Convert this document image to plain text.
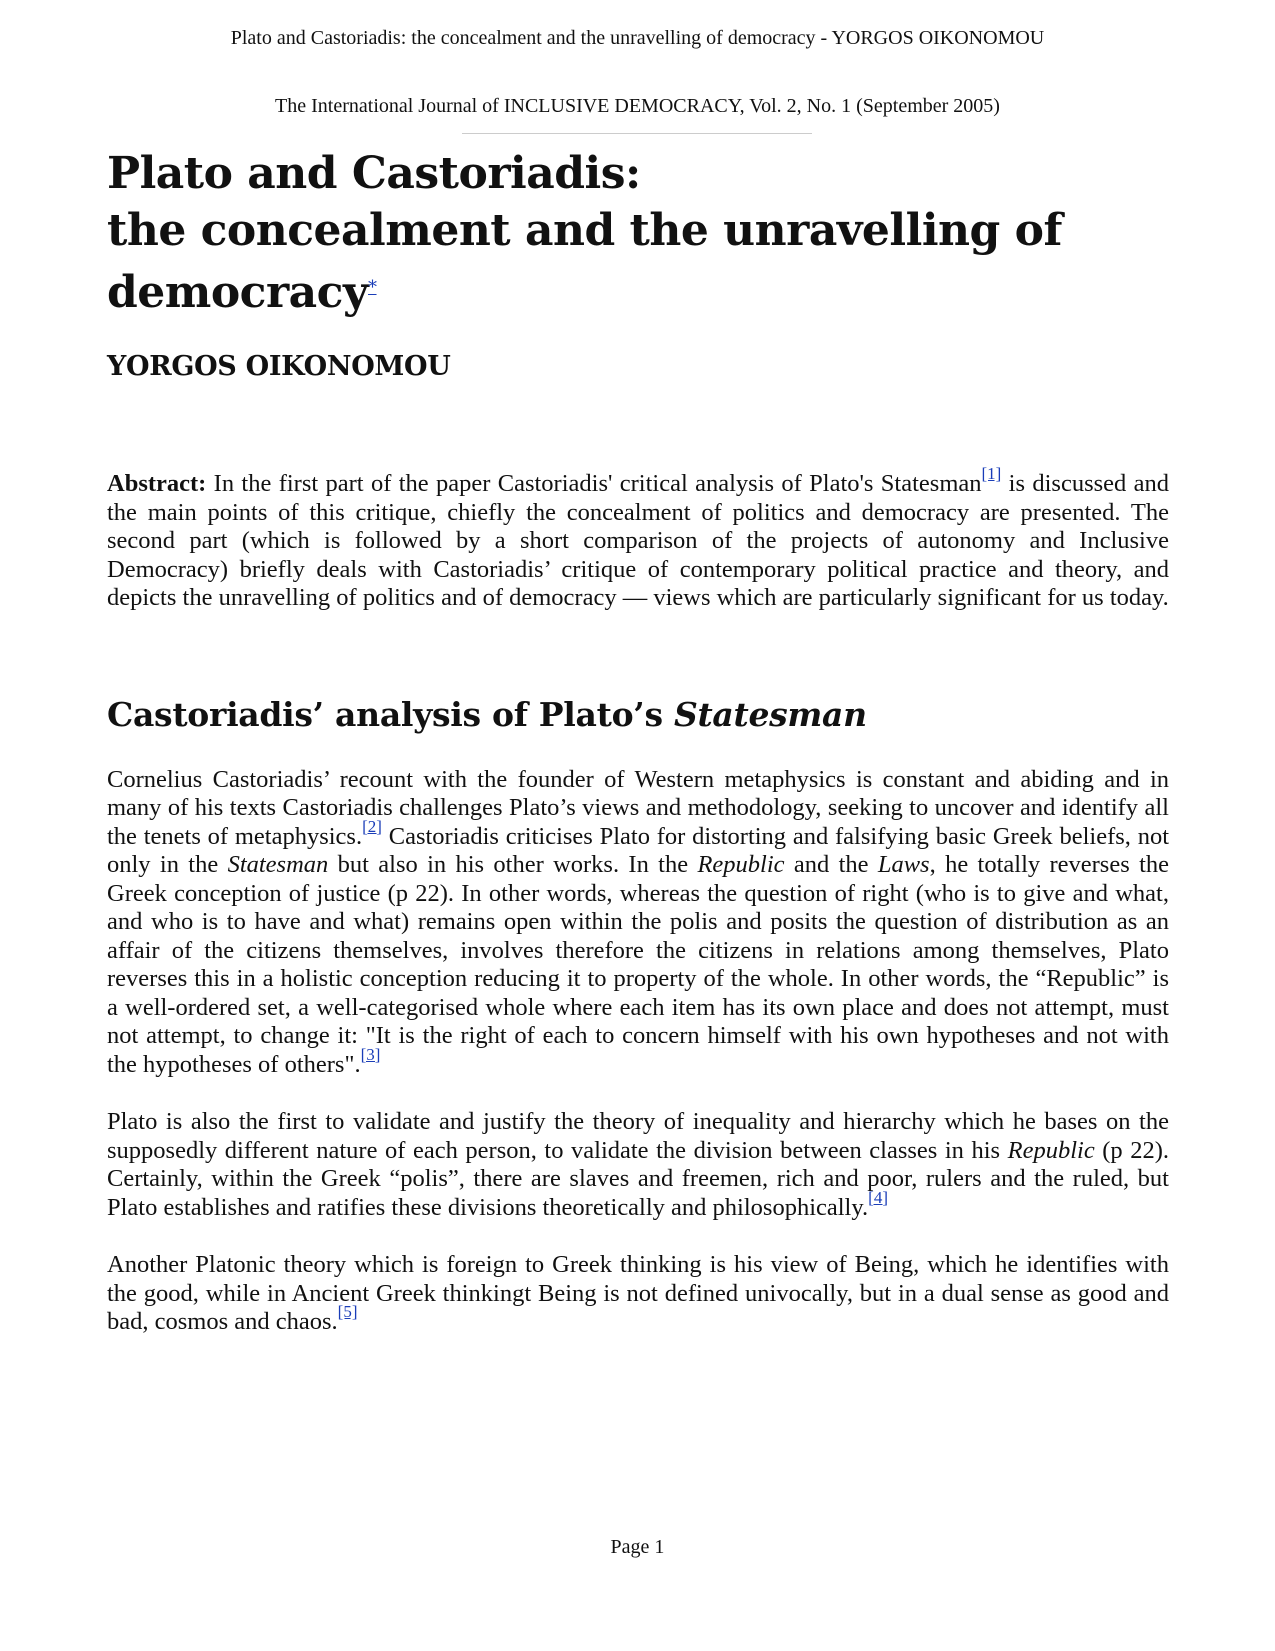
Plato and Castoriadis: the concealment and the unravelling of democracy - YORGOS OIKONOMOU
The International Journal of INCLUSIVE DEMOCRACY, Vol. 2, No. 1 (September 2005)
Plato and Castoriadis:
the concealment and the unravelling of
democracy*
YORGOS OIKONOMOU

Abstract: In the first part of the paper Castoriadis' critical analysis of Plato's Statesman[1] is discussed and the main points of this critique, chiefly the concealment of politics and democracy are presented. The second part (which is followed by a short comparison of the projects of autonomy and Inclusive Democracy) briefly deals with Castoriadis’ critique of contemporary political practice and theory, and depicts the unravelling of politics and of democracy — views which are particularly significant for us today.

Castoriadis’ analysis of Plato’s Statesman

Cornelius Castoriadis’ recount with the founder of Western metaphysics is constant and abiding and in many of his texts Castoriadis challenges Plato’s views and methodology, seeking to uncover and identify all the tenets of metaphysics.[2] Castoriadis criticises Plato for distorting and falsifying basic Greek beliefs, not only in the Statesman but also in his other works. In the Republic and the Laws, he totally reverses the Greek conception of justice (p 22). In other words, whereas the question of right (who is to give and what, and who is to have and what) remains open within the polis and posits the question of distribution as an affair of the citizens themselves, involves therefore the citizens in relations among themselves, Plato reverses this in a holistic conception reducing it to property of the whole. In other words, the “Republic” is a well-ordered set, a well-categorised whole where each item has its own place and does not attempt, must not attempt, to change it: "It is the right of each to concern himself with his own hypotheses and not with the hypotheses of others".[3]

Plato is also the first to validate and justify the theory of inequality and hierarchy which he bases on the supposedly different nature of each person, to validate the division between classes in his Republic (p 22). Certainly, within the Greek “polis”, there are slaves and freemen, rich and poor, rulers and the ruled, but Plato establishes and ratifies these divisions theoretically and philosophically.[4]

Another Platonic theory which is foreign to Greek thinking is his view of Being, which he identifies with the good, while in Ancient Greek thinkingt Being is not defined univocally, but in a dual sense as good and bad, cosmos and chaos.[5]

Page 1
